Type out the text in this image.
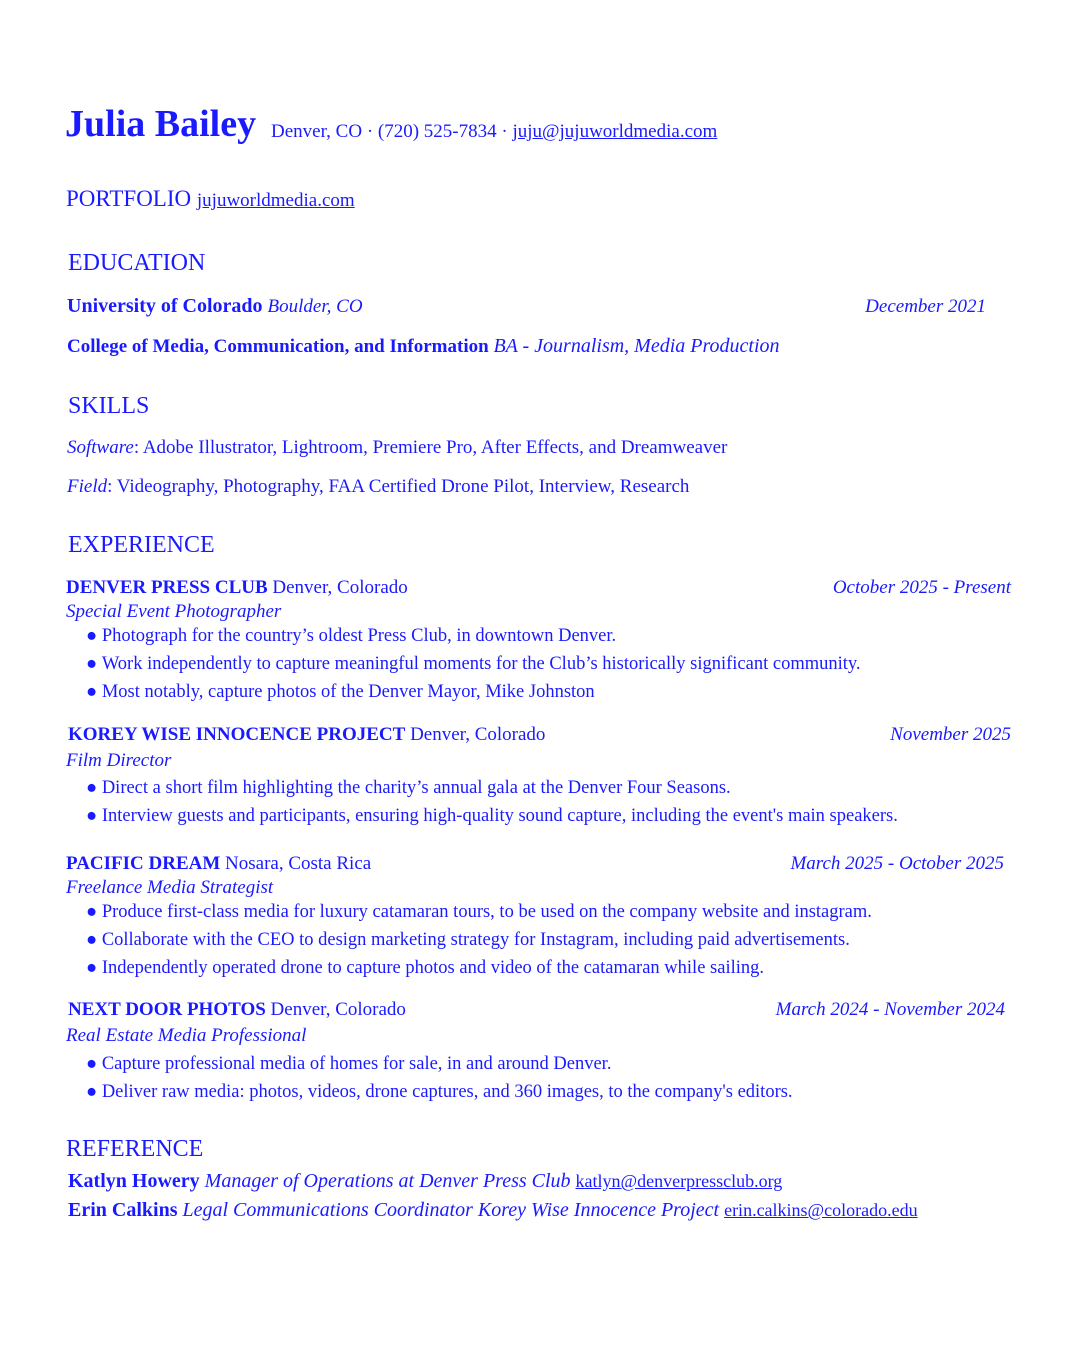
Julia Bailey Denver, CO · (720) 525-7834 · juju@jujuworldmedia.com
PORTFOLIO jujuworldmedia.com
EDUCATION
University of Colorado Boulder, CO	December 2021
College of Media, Communication, and Information BA - Journalism, Media Production
SKILLS
Software: Adobe Illustrator, Lightroom, Premiere Pro, After Effects, and Dreamweaver
Field: Videography, Photography, FAA Certified Drone Pilot, Interview, Research
EXPERIENCE
DENVER PRESS CLUB Denver, Colorado	October 2025 - Present
Special Event Photographer
● Photograph for the country’s oldest Press Club, in downtown Denver.
● Work independently to capture meaningful moments for the Club’s historically significant community.
● Most notably, capture photos of the Denver Mayor, Mike Johnston
KOREY WISE INNOCENCE PROJECT Denver, Colorado	November 2025
Film Director
● Direct a short film highlighting the charity’s annual gala at the Denver Four Seasons.
● Interview guests and participants, ensuring high-quality sound capture, including the event's main speakers.
PACIFIC DREAM Nosara, Costa Rica	March 2025 - October 2025
Freelance Media Strategist
● Produce first-class media for luxury catamaran tours, to be used on the company website and instagram.
● Collaborate with the CEO to design marketing strategy for Instagram, including paid advertisements.
● Independently operated drone to capture photos and video of the catamaran while sailing.
NEXT DOOR PHOTOS Denver, Colorado	March 2024 - November 2024
Real Estate Media Professional
● Capture professional media of homes for sale, in and around Denver.
● Deliver raw media: photos, videos, drone captures, and 360 images, to the company's editors.
REFERENCE
Katlyn Howery Manager of Operations at Denver Press Club katlyn@denverpressclub.org
Erin Calkins Legal Communications Coordinator Korey Wise Innocence Project erin.calkins@colorado.edu
